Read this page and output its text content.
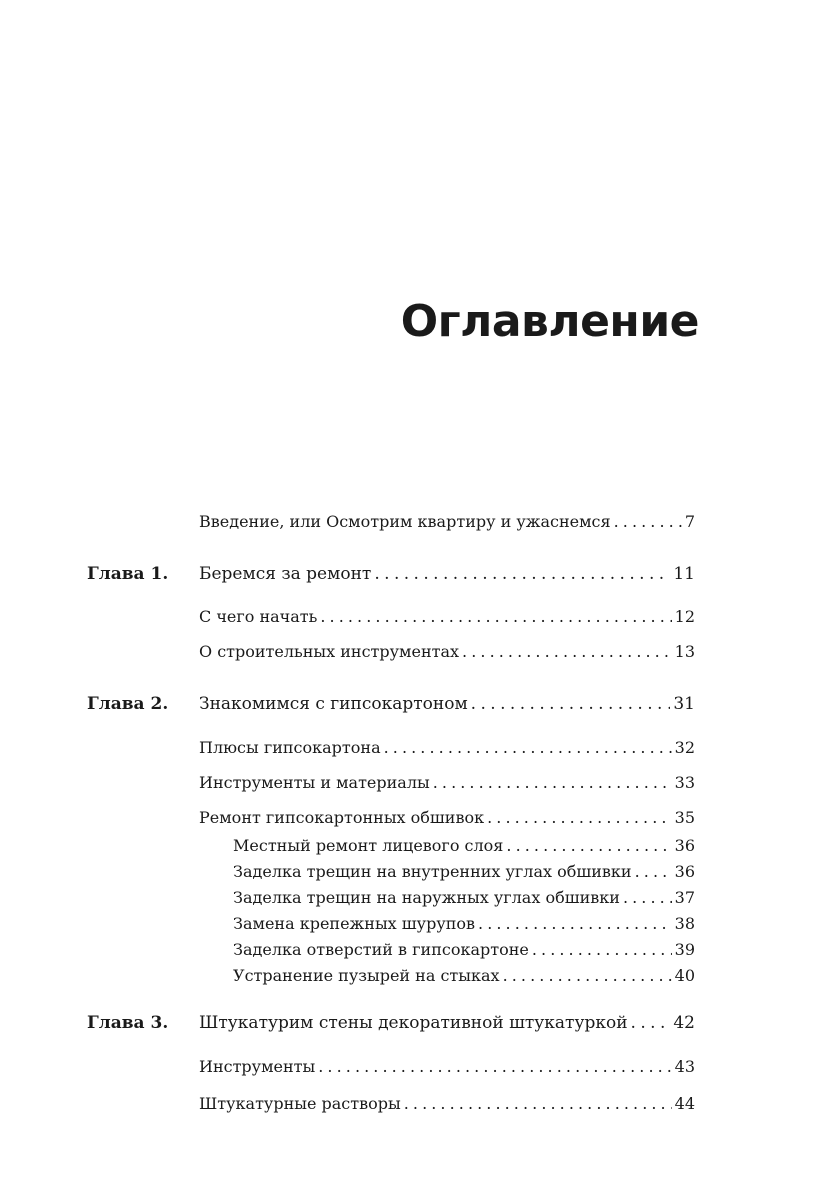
Оглавление
Введение, или Осмотрим квартиру и ужаснемся . . .	7
Глава 1.	Беремся за ремонт . . .	11
С чего начать . . .	12
О строительных инструментах . . .	13
Глава 2.	Знакомимся с гипсокартоном . . .	31
Плюсы гипсокартона . . .	32
Инструменты и материалы . . .	33
Ремонт гипсокартонных обшивок . . .	35
Местный ремонт лицевого слоя . . .	36
Заделка трещин на внутренних углах обшивки . . .	36
Заделка трещин на наружных углах обшивки . . .	37
Замена крепежных шурупов . . .	38
Заделка отверстий в гипсокартоне . . .	39
Устранение пузырей на стыках . . .	40
Глава 3.	Штукатурим стены декоративной штукатуркой . . .	42
Инструменты . . .	43
Штукатурные растворы . . .	44
